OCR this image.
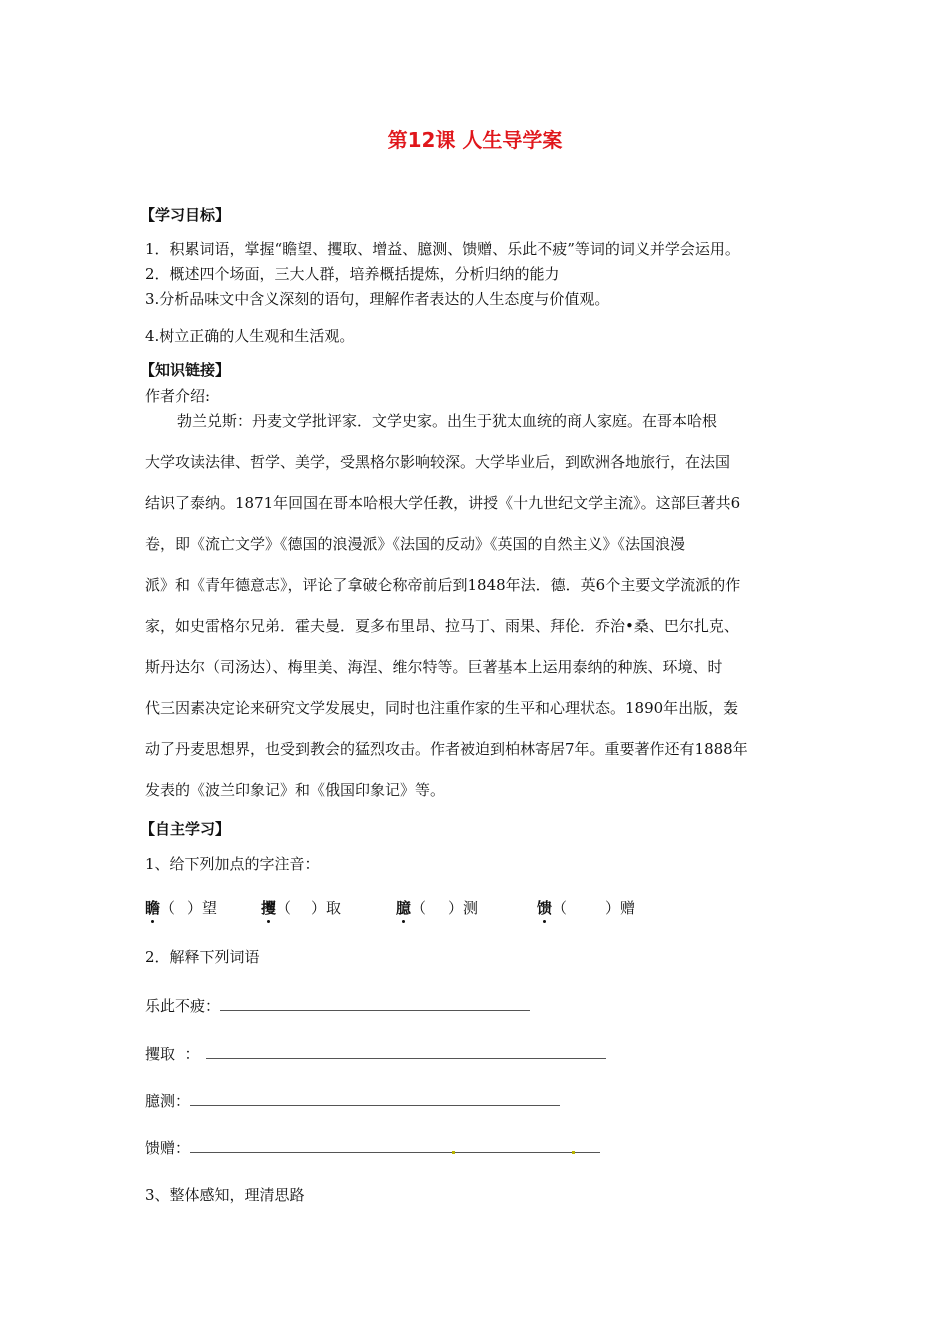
第12课 人生导学案
【学习目标】
1．积累词语，掌握“瞻望、攫取、增益、臆测、馈赠、乐此不疲”等词的词义并学会运用。
2．概述四个场面，三大人群，培养概括提炼，分析归纳的能力
3.分析品味文中含义深刻的语句，理解作者表达的人生态度与价值观。
4.树立正确的人生观和生活观。
【知识链接】
作者介绍:
勃兰兑斯：丹麦文学批评家．文学史家。出生于犹太血统的商人家庭。在哥本哈根
大学攻读法律、哲学、美学，受黑格尔影响较深。大学毕业后，到欧洲各地旅行，在法国
结识了泰纳。1871年回国在哥本哈根大学任教，讲授《十九世纪文学主流》。这部巨著共6
卷，即《流亡文学》《德国的浪漫派》《法国的反动》《英国的自然主义》《法国浪漫
派》和《青年德意志》，评论了拿破仑称帝前后到1848年法．德．英6个主要文学流派的作
家，如史雷格尔兄弟．霍夫曼．夏多布里昂、拉马丁、雨果、拜伦．乔治•桑、巴尔扎克、
斯丹达尔（司汤达）、梅里美、海涅、维尔特等。巨著基本上运用泰纳的种族、环境、时
代三因素决定论来研究文学发展史，同时也注重作家的生平和心理状态。1890年出版，轰
动了丹麦思想界，也受到教会的猛烈攻击。作者被迫到柏林寄居7年。重要著作还有1888年
发表的《波兰印象记》和《俄国印象记》等。
【自主学习】
1、给下列加点的字注音：
瞻（ ）望	攫（ ）取	臆（ ）测	馈（	）赠
2．解释下列词语
乐此不疲：
攫取  ：
臆测：
馈赠：
3、整体感知，理清思路
